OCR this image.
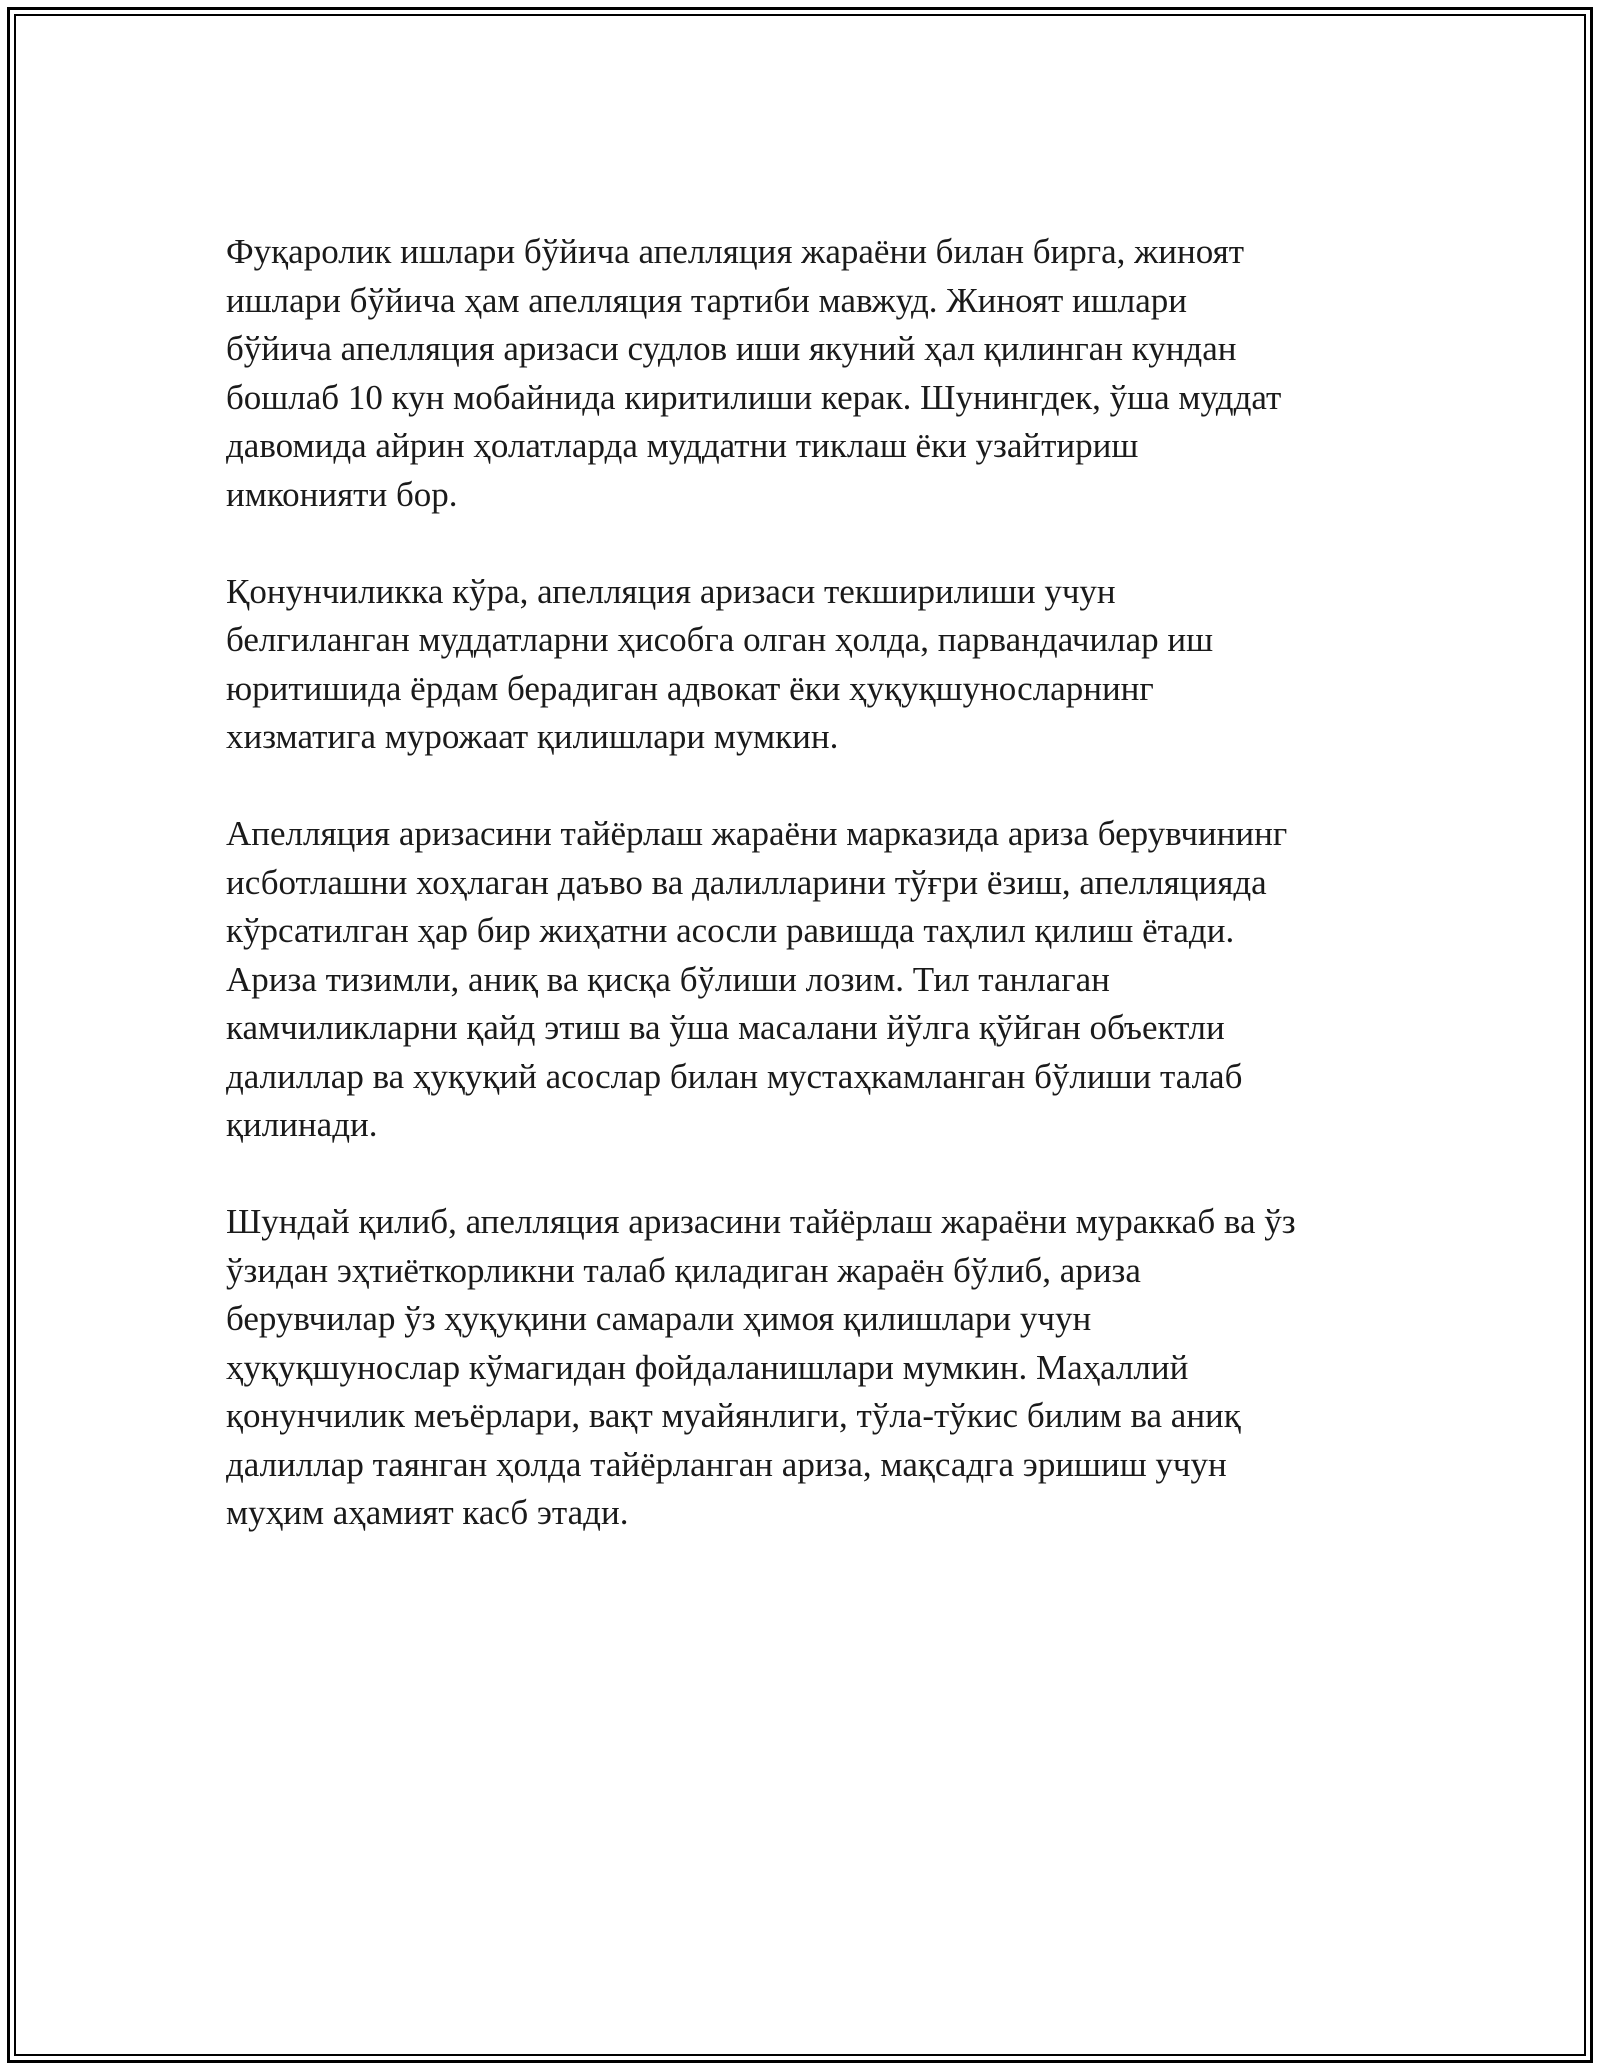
Фуқаролик ишлари бўйича апелляция жараёни билан бирга, жиноят
ишлари бўйича ҳам апелляция тартиби мавжуд. Жиноят ишлари
бўйича апелляция аризаси судлов иши якуний ҳал қилинган кундан
бошлаб 10 кун мобайнида киритилиши керак. Шунингдек, ўша муддат
давомида айрин ҳолатларда муддатни тиклаш ёки узайтириш
имконияти бор.

Қонунчиликка кўра, апелляция аризаси текширилиши учун
белгиланган муддатларни ҳисобга олган ҳолда, парвандачилар иш
юритишида ёрдам берадиган адвокат ёки ҳуқуқшуносларнинг
хизматига мурожаат қилишлари мумкин.

Апелляция аризасини тайёрлаш жараёни марказида ариза берувчининг
исботлашни хоҳлаган даъво ва далилларини тўғри ёзиш, апелляцияда
кўрсатилган ҳар бир жиҳатни асосли равишда таҳлил қилиш ётади.
Ариза тизимли, аниқ ва қисқа бўлиши лозим. Тил танлаган
камчиликларни қайд этиш ва ўша масалани йўлга қўйган объектли
далиллар ва ҳуқуқий асослар билан мустаҳкамланган бўлиши талаб
қилинади.

Шундай қилиб, апелляция аризасини тайёрлаш жараёни мураккаб ва ўз
ўзидан эҳтиёткорликни талаб қиладиган жараён бўлиб, ариза
берувчилар ўз ҳуқуқини самарали ҳимоя қилишлари учун
ҳуқуқшунослар кўмагидан фойдаланишлари мумкин. Маҳаллий
қонунчилик меъёрлари, вақт муайянлиги, тўла-тўкис билим ва аниқ
далиллар таянган ҳолда тайёрланган ариза, мақсадга эришиш учун
муҳим аҳамият касб этади.
